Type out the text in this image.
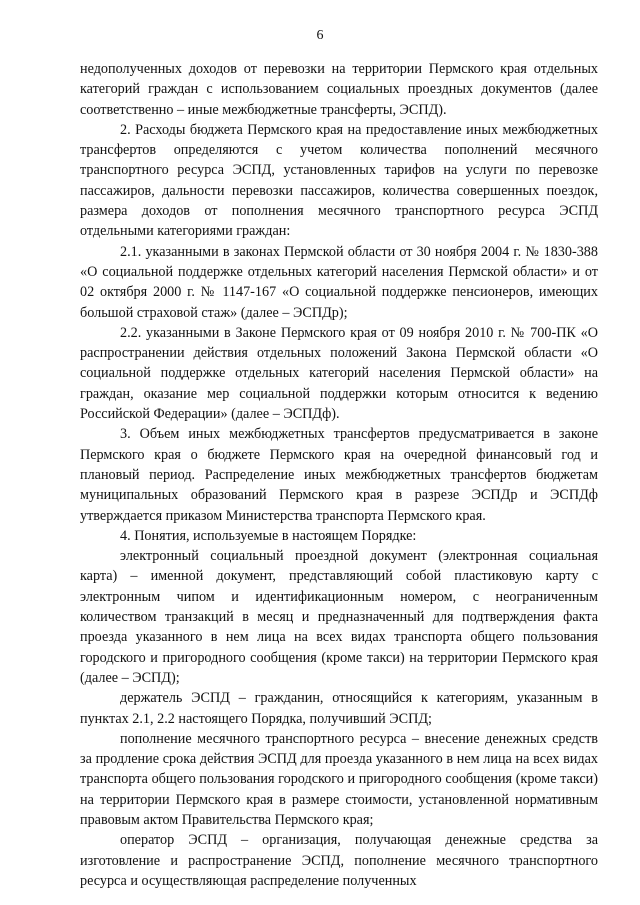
6

недополученных доходов от перевозки на территории Пермского края отдельных категорий граждан с использованием социальных проездных документов (далее соответственно – иные межбюджетные трансферты, ЭСПД).

2. Расходы бюджета Пермского края на предоставление иных межбюджетных трансфертов определяются с учетом количества пополнений месячного транспортного ресурса ЭСПД, установленных тарифов на услуги по перевозке пассажиров, дальности перевозки пассажиров, количества совершенных поездок, размера доходов от пополнения месячного транспортного ресурса ЭСПД отдельными категориями граждан:

2.1. указанными в законах Пермской области от 30 ноября 2004 г. № 1830-388 «О социальной поддержке отдельных категорий населения Пермской области» и от 02 октября 2000 г. № 1147-167 «О социальной поддержке пенсионеров, имеющих большой страховой стаж» (далее – ЭСПДр);

2.2. указанными в Законе Пермского края от 09 ноября 2010 г. № 700-ПК «О распространении действия отдельных положений Закона Пермской области «О социальной поддержке отдельных категорий населения Пермской области» на граждан, оказание мер социальной поддержки которым относится к ведению Российской Федерации» (далее – ЭСПДф).

3. Объем иных межбюджетных трансфертов предусматривается в законе Пермского края о бюджете Пермского края на очередной финансовый год и плановый период. Распределение иных межбюджетных трансфертов бюджетам муниципальных образований Пермского края в разрезе ЭСПДр и ЭСПДф утверждается приказом Министерства транспорта Пермского края.

4. Понятия, используемые в настоящем Порядке:

электронный социальный проездной документ (электронная социальная карта) – именной документ, представляющий собой пластиковую карту с электронным чипом и идентификационным номером, с неограниченным количеством транзакций в месяц и предназначенный для подтверждения факта проезда указанного в нем лица на всех видах транспорта общего пользования городского и пригородного сообщения (кроме такси) на территории Пермского края (далее – ЭСПД);

держатель ЭСПД – гражданин, относящийся к категориям, указанным в пунктах 2.1, 2.2 настоящего Порядка, получивший ЭСПД;

пополнение месячного транспортного ресурса – внесение денежных средств за продление срока действия ЭСПД для проезда указанного в нем лица на всех видах транспорта общего пользования городского и пригородного сообщения (кроме такси) на территории Пермского края в размере стоимости, установленной нормативным правовым актом Правительства Пермского края;

оператор ЭСПД – организация, получающая денежные средства за изготовление и распространение ЭСПД, пополнение месячного транспортного ресурса и осуществляющая распределение полученных
